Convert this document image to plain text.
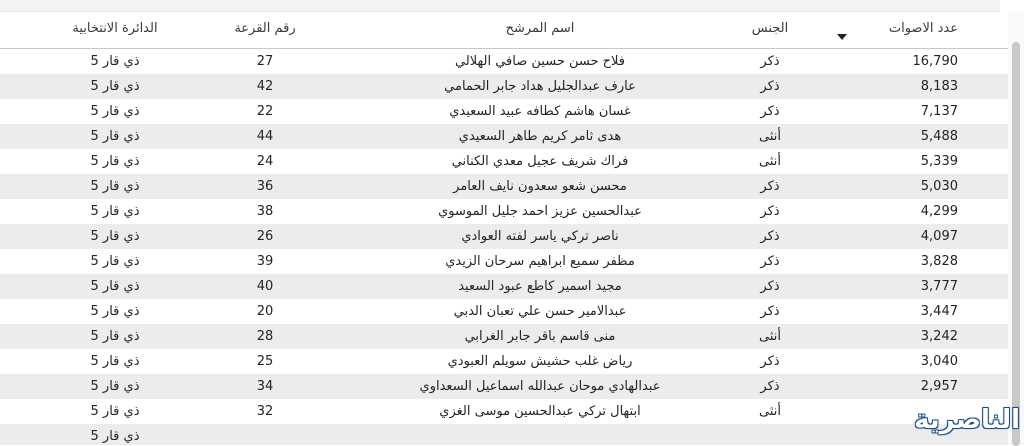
عدد الاصوات
الجنس
اسم المرشح
رقم القرعة
الدائرة الانتخابية
16,790
ذكر
فلاح حسن حسين صافي الهلالي
27
ذي قار 5
8,183
ذكر
عارف عبدالجليل هداد جابر الحمامي
42
ذي قار 5
7,137
ذكر
غسان هاشم كطافه عبيد السعيدي
22
ذي قار 5
5,488
أنثى
هدى ثامر كريم طاهر السعيدي
44
ذي قار 5
5,339
أنثى
فراك شريف عجيل معدي الكناني
24
ذي قار 5
5,030
ذكر
محسن شعو سعدون نايف العامر
36
ذي قار 5
4,299
ذكر
عبدالحسين عزيز احمد جليل الموسوي
38
ذي قار 5
4,097
ذكر
ناصر تركي ياسر لفته العوادي
26
ذي قار 5
3,828
ذكر
مظفر سميع ابراهيم سرحان الزيدي
39
ذي قار 5
3,777
ذكر
مجيد اسمير كاطع عبود السعيد
40
ذي قار 5
3,447
ذكر
عبدالامير حسن علي تعبان الدبي
20
ذي قار 5
3,242
أنثى
منى قاسم باقر جابر الغرابي
28
ذي قار 5
3,040
ذكر
رياض غلب حشيش سويلم العبودي
25
ذي قار 5
2,957
ذكر
عبدالهادي موحان عبدالله اسماعيل السعداوي
34
ذي قار 5
أنثى
ابتهال تركي عبدالحسين موسى الغزي
32
ذي قار 5
ذي قار 5
الناصرية
